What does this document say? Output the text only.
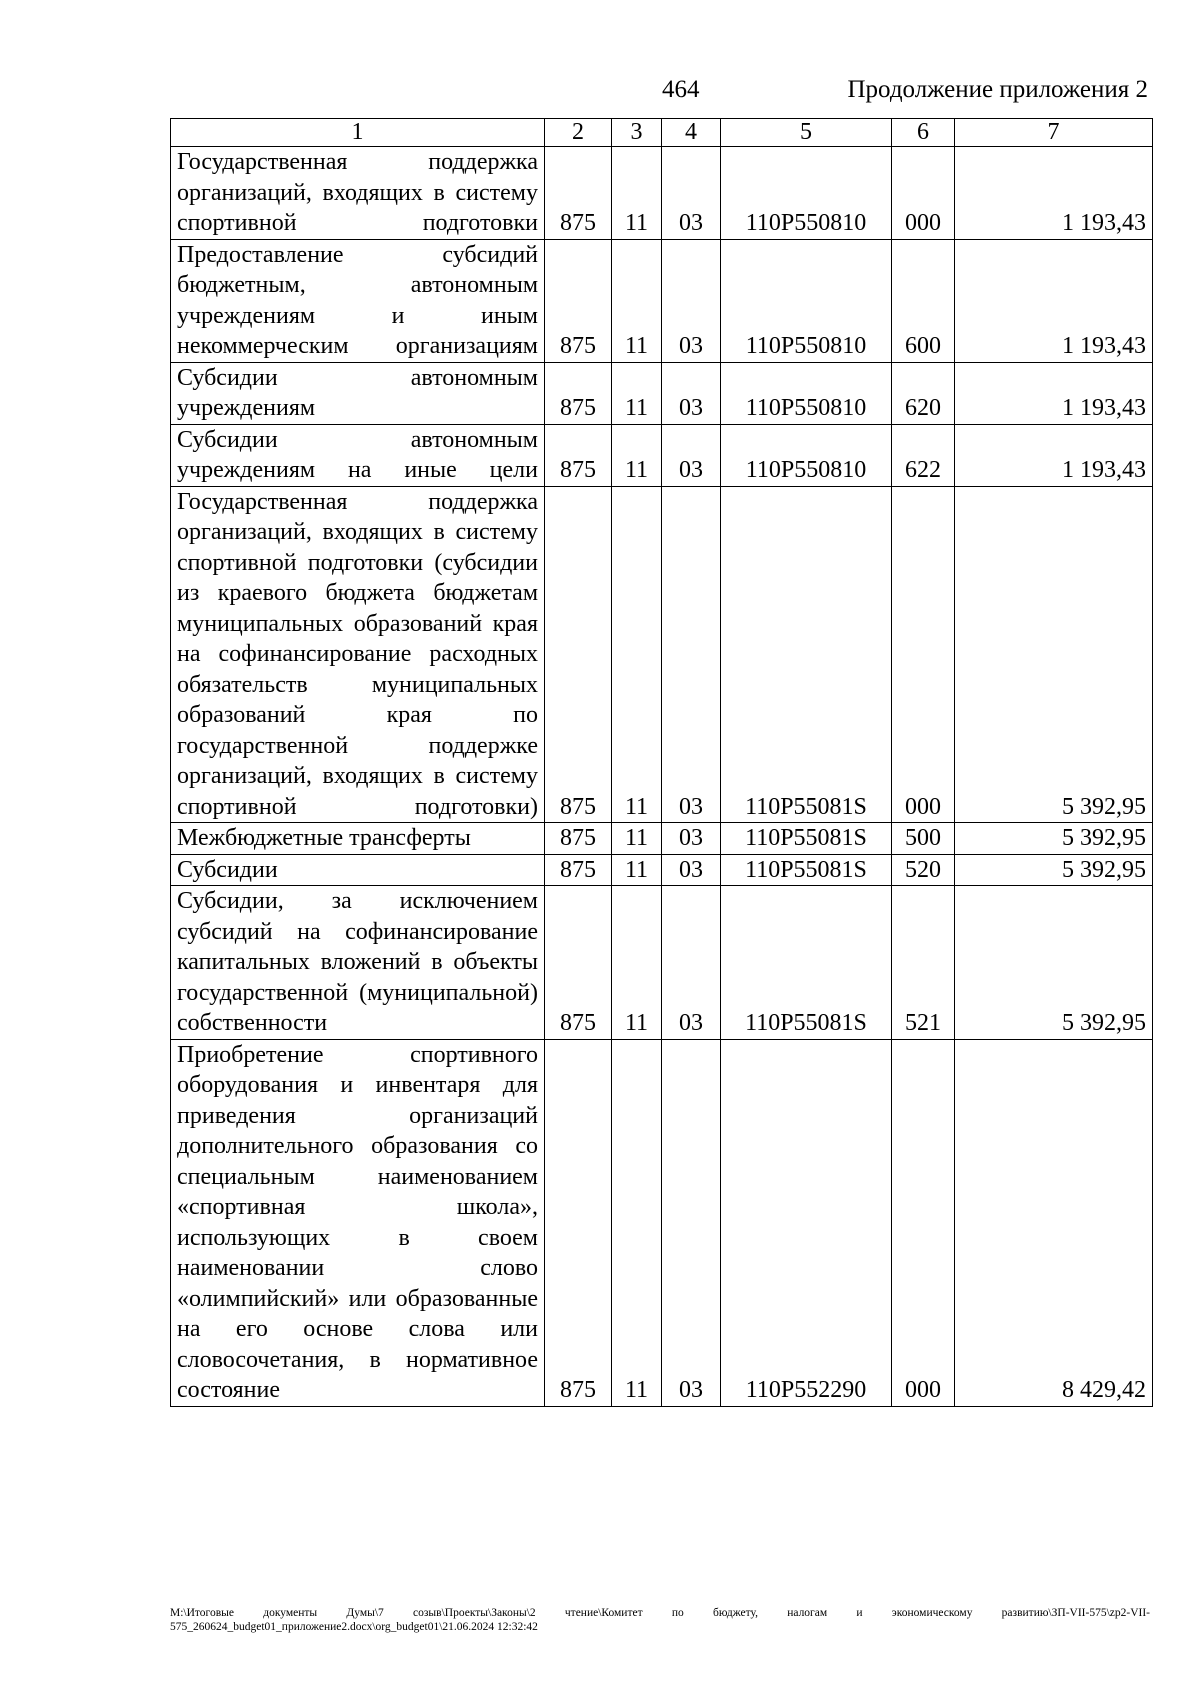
464	Продолжение приложения 2
1	2	3	4	5	6	7
Государственная поддержка организаций, входящих в систему спортивной подготовки	875	11	03	110Р550810	000	1 193,43
Предоставление субсидий бюджетным, автономным учреждениям и иным некоммерческим организациям	875	11	03	110Р550810	600	1 193,43
Субсидии автономным учреждениям	875	11	03	110Р550810	620	1 193,43
Субсидии автономным учреждениям на иные цели	875	11	03	110Р550810	622	1 193,43
Государственная поддержка организаций, входящих в систему спортивной подготовки (субсидии из краевого бюджета бюджетам муниципальных образований края на софинансирование расходных обязательств муниципальных образований края по государственной поддержке организаций, входящих в систему спортивной подготовки)	875	11	03	110Р55081S	000	5 392,95
Межбюджетные трансферты	875	11	03	110Р55081S	500	5 392,95
Субсидии	875	11	03	110Р55081S	520	5 392,95
Субсидии, за исключением субсидий на софинансирование капитальных вложений в объекты государственной (муниципальной) собственности	875	11	03	110Р55081S	521	5 392,95
Приобретение спортивного оборудования и инвентаря для приведения организаций дополнительного образования со специальным наименованием «спортивная школа», использующих в своем наименовании слово «олимпийский» или образованные на его основе слова или словосочетания, в нормативное состояние	875	11	03	110Р552290	000	8 429,42
М:\Итоговые документы Думы\7 созыв\Проекты\Законы\2 чтение\Комитет по бюджету, налогам и экономическому развитию\ЗП-VII-575\zp2-VII-575_260624_budget01_приложение2.docx\org_budget01\21.06.2024 12:32:42
